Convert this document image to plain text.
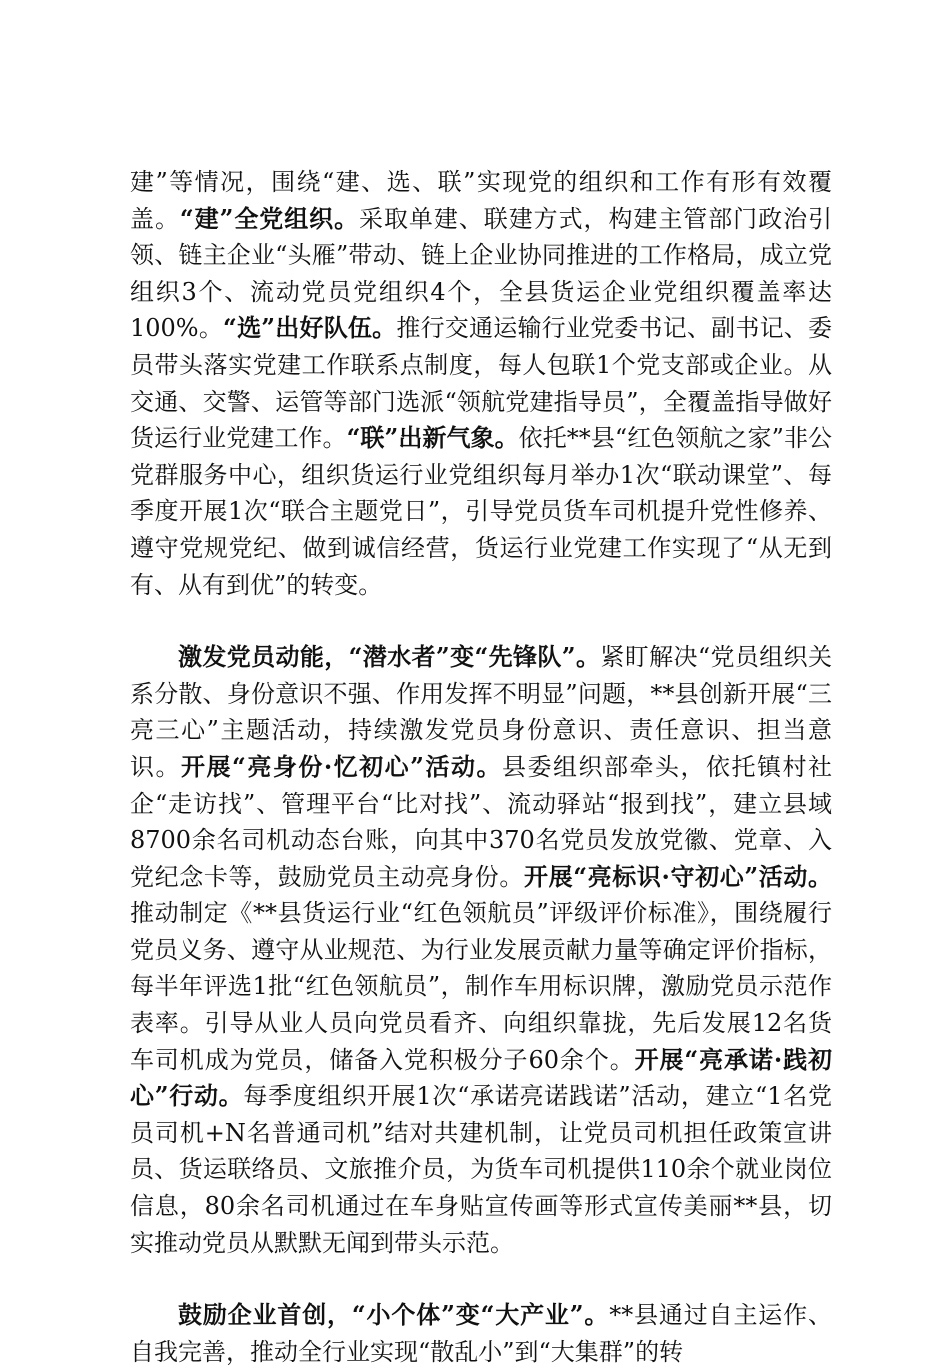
建”等情况，围绕“建、选、联”实现党的组织和工作有形有效覆盖。“建”全党组织。采取单建、联建方式，构建主管部门政治引领、链主企业“头雁”带动、链上企业协同推进的工作格局，成立党组织3个、流动党员党组织4个，全县货运企业党组织覆盖率达100%。“选”出好队伍。推行交通运输行业党委书记、副书记、委员带头落实党建工作联系点制度，每人包联1个党支部或企业。从交通、交警、运管等部门选派“领航党建指导员”，全覆盖指导做好货运行业党建工作。“联”出新气象。依托**县“红色领航之家”非公党群服务中心，组织货运行业党组织每月举办1次“联动课堂”、每季度开展1次“联合主题党日”，引导党员货车司机提升党性修养、遵守党规党纪、做到诚信经营，货运行业党建工作实现了“从无到有、从有到优”的转变。

激发党员动能，“潜水者”变“先锋队”。紧盯解决“党员组织关系分散、身份意识不强、作用发挥不明显”问题，**县创新开展“三亮三心”主题活动，持续激发党员身份意识、责任意识、担当意识。开展“亮身份·忆初心”活动。县委组织部牵头，依托镇村社企“走访找”、管理平台“比对找”、流动驿站“报到找”，建立县域8700余名司机动态台账，向其中370名党员发放党徽、党章、入党纪念卡等，鼓励党员主动亮身份。开展“亮标识·守初心”活动。推动制定《**县货运行业“红色领航员”评级评价标准》，围绕履行党员义务、遵守从业规范、为行业发展贡献力量等确定评价指标，每半年评选1批“红色领航员”，制作车用标识牌，激励党员示范作表率。引导从业人员向党员看齐、向组织靠拢，先后发展12名货车司机成为党员，储备入党积极分子60余个。开展“亮承诺·践初心”行动。每季度组织开展1次“承诺亮诺践诺”活动，建立“1名党员司机+N名普通司机”结对共建机制，让党员司机担任政策宣讲员、货运联络员、文旅推介员，为货车司机提供110余个就业岗位信息，80余名司机通过在车身贴宣传画等形式宣传美丽**县，切实推动党员从默默无闻到带头示范。

鼓励企业首创，“小个体”变“大产业”。**县通过自主运作、自我完善，推动全行业实现“散乱小”到“大集群”的转
